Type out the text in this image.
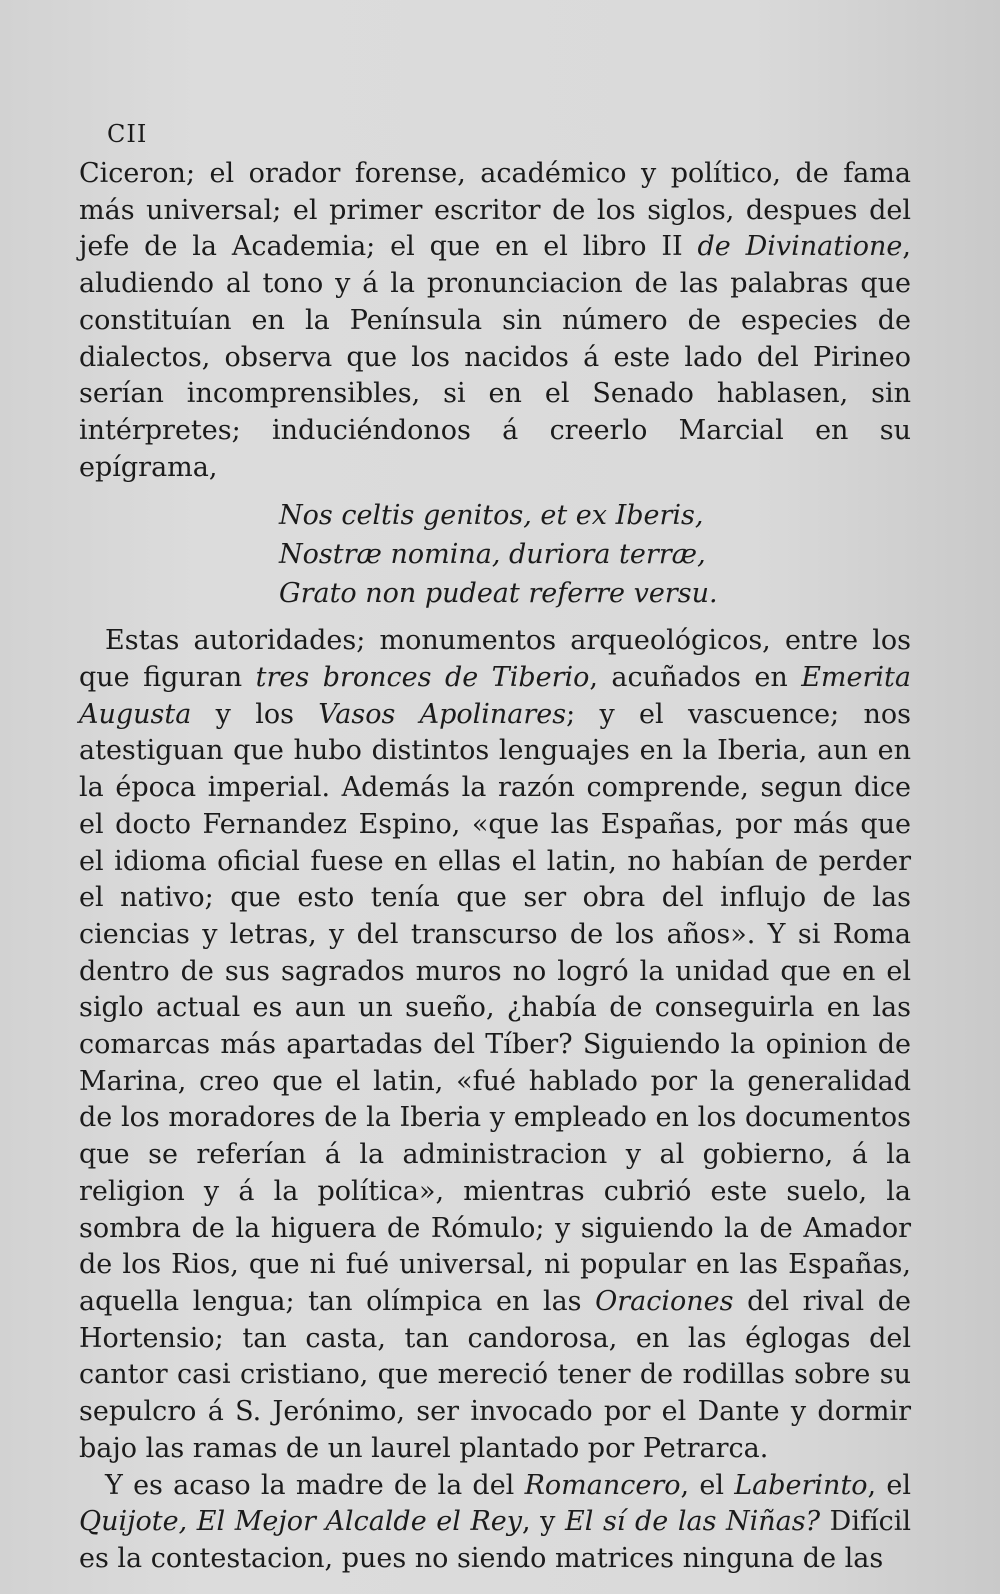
CII

Ciceron; el orador forense, académico y político, de fama más universal; el primer escritor de los siglos, despues del jefe de la Academia; el que en el libro II de Divinatione, aludiendo al tono y á la pronunciacion de las palabras que constituían en la Península sin número de especies de dialectos, observa que los nacidos á este lado del Pirineo serían incomprensibles, si en el Senado hablasen, sin intérpretes; induciéndonos á creerlo Marcial en su epígrama,

Nos celtis genitos, et ex Iberis,
Nostræ nomina, duriora terræ,
Grato non pudeat referre versu.

Estas autoridades; monumentos arqueológicos, entre los que figuran tres bronces de Tiberio, acuñados en Emerita Augusta y los Vasos Apolinares; y el vascuence; nos atestiguan que hubo distintos lenguajes en la Iberia, aun en la época imperial. Además la razón comprende, segun dice el docto Fernandez Espino, «que las Españas, por más que el idioma oficial fuese en ellas el latin, no habían de perder el nativo; que esto tenía que ser obra del influjo de las ciencias y letras, y del transcurso de los años». Y si Roma dentro de sus sagrados muros no logró la unidad que en el siglo actual es aun un sueño, ¿había de conseguirla en las comarcas más apartadas del Tíber? Siguiendo la opinion de Marina, creo que el latin, «fué hablado por la generalidad de los moradores de la Iberia y empleado en los documentos que se referían á la administracion y al gobierno, á la religion y á la política», mientras cubrió este suelo, la sombra de la higuera de Rómulo; y siguiendo la de Amador de los Rios, que ni fué universal, ni popular en las Españas, aquella lengua; tan olímpica en las Oraciones del rival de Hortensio; tan casta, tan candorosa, en las églogas del cantor casi cristiano, que mereció tener de rodillas sobre su sepulcro á S. Jerónimo, ser invocado por el Dante y dormir bajo las ramas de un laurel plantado por Petrarca.

Y es acaso la madre de la del Romancero, el Laberinto, el Quijote, El Mejor Alcalde el Rey, y El sí de las Niñas? Difícil es la contestacion, pues no siendo matrices ninguna de las
